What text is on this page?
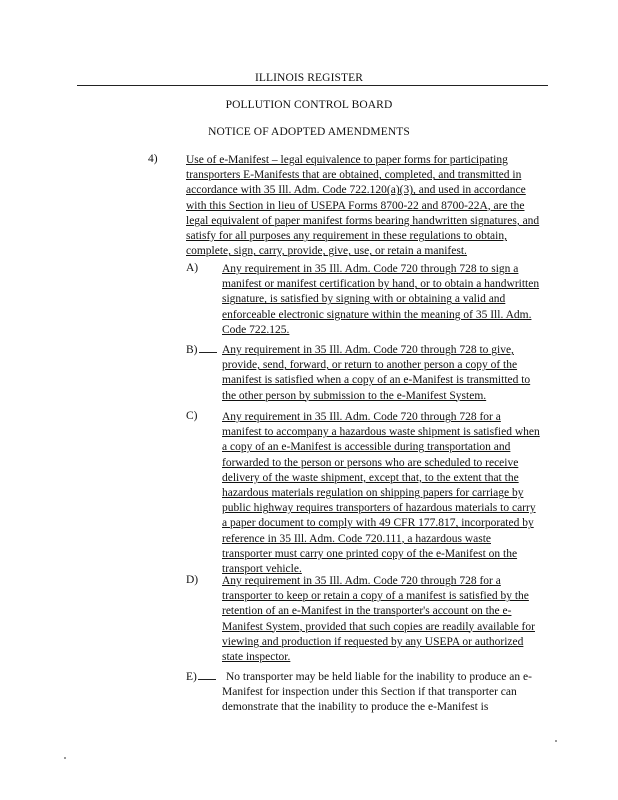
ILLINOIS REGISTER
POLLUTION CONTROL BOARD
NOTICE OF ADOPTED AMENDMENTS
4) Use of e-Manifest – legal equivalence to paper forms for participating transporters E-Manifests that are obtained, completed, and transmitted in accordance with 35 Ill. Adm. Code 722.120(a)(3), and used in accordance with this Section in lieu of USEPA Forms 8700-22 and 8700-22A, are the legal equivalent of paper manifest forms bearing handwritten signatures, and satisfy for all purposes any requirement in these regulations to obtain, complete, sign, carry, provide, give, use, or retain a manifest.
A) Any requirement in 35 Ill. Adm. Code 720 through 728 to sign a manifest or manifest certification by hand, or to obtain a handwritten signature, is satisfied by signing with or obtaining a valid and enforceable electronic signature within the meaning of 35 Ill. Adm. Code 722.125.
B)	Any requirement in 35 Ill. Adm. Code 720 through 728 to give, provide, send, forward, or return to another person a copy of the manifest is satisfied when a copy of an e-Manifest is transmitted to the other person by submission to the e-Manifest System.
C) Any requirement in 35 Ill. Adm. Code 720 through 728 for a manifest to accompany a hazardous waste shipment is satisfied when a copy of an e-Manifest is accessible during transportation and forwarded to the person or persons who are scheduled to receive delivery of the waste shipment, except that, to the extent that the hazardous materials regulation on shipping papers for carriage by public highway requires transporters of hazardous materials to carry a paper document to comply with 49 CFR 177.817, incorporated by reference in 35 Ill. Adm. Code 720.111, a hazardous waste transporter must carry one printed copy of the e-Manifest on the transport vehicle.
D) Any requirement in 35 Ill. Adm. Code 720 through 728 for a transporter to keep or retain a copy of a manifest is satisfied by the retention of an e-Manifest in the transporter's account on the e-Manifest System, provided that such copies are readily available for viewing and production if requested by any USEPA or authorized state inspector.
E)	No transporter may be held liable for the inability to produce an e-Manifest for inspection under this Section if that transporter can demonstrate that the inability to produce the e-Manifest is
